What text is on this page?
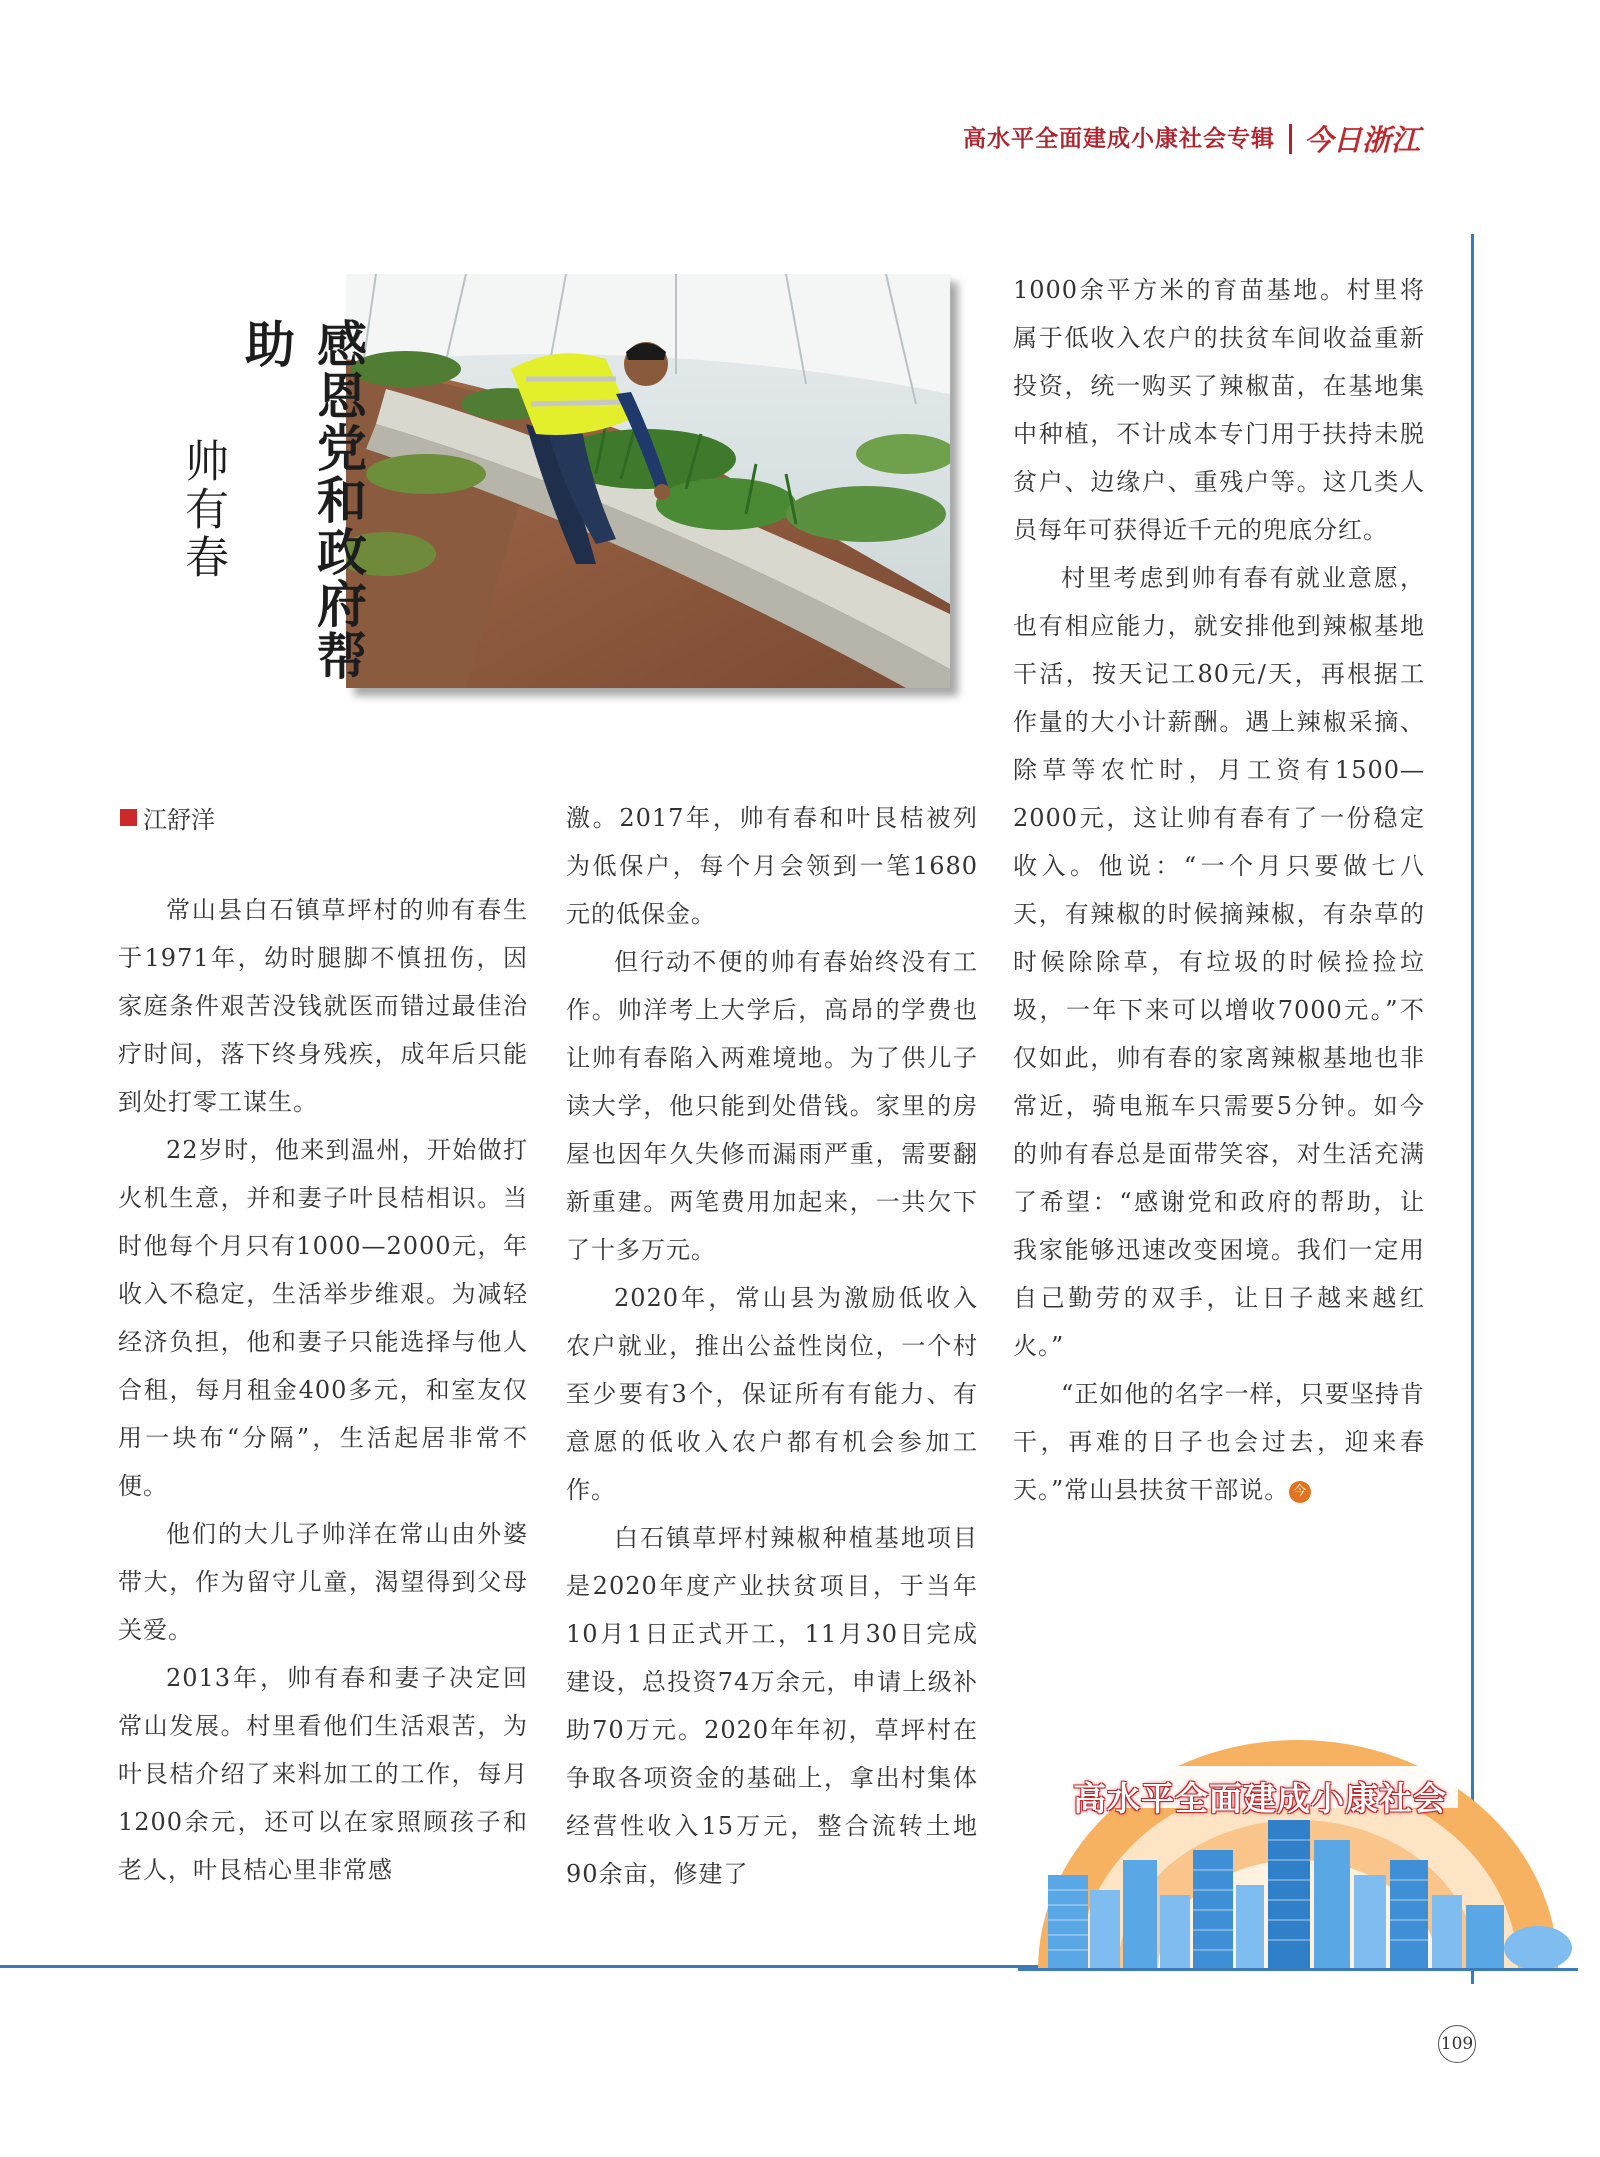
高水平全面建成小康社会专辑	今日浙江
感恩党和政府帮助
帅有春
江舒洋

常山县白石镇草坪村的帅有春生于1971年，幼时腿脚不慎扭伤，因家庭条件艰苦没钱就医而错过最佳治疗时间，落下终身残疾，成年后只能到处打零工谋生。

22岁时，他来到温州，开始做打火机生意，并和妻子叶艮桔相识。当时他每个月只有1000—2000元，年收入不稳定，生活举步维艰。为减轻经济负担，他和妻子只能选择与他人合租，每月租金400多元，和室友仅用一块布“分隔”，生活起居非常不便。

他们的大儿子帅洋在常山由外婆带大，作为留守儿童，渴望得到父母关爱。

2013年，帅有春和妻子决定回常山发展。村里看他们生活艰苦，为叶艮桔介绍了来料加工的工作，每月1200余元，还可以在家照顾孩子和老人，叶艮桔心里非常感

激。2017年，帅有春和叶艮桔被列为低保户，每个月会领到一笔1680元的低保金。

但行动不便的帅有春始终没有工作。帅洋考上大学后，高昂的学费也让帅有春陷入两难境地。为了供儿子读大学，他只能到处借钱。家里的房屋也因年久失修而漏雨严重，需要翻新重建。两笔费用加起来，一共欠下了十多万元。

2020年，常山县为激励低收入农户就业，推出公益性岗位，一个村至少要有3个，保证所有有能力、有意愿的低收入农户都有机会参加工作。

白石镇草坪村辣椒种植基地项目是2020年度产业扶贫项目，于当年10月1日正式开工，11月30日完成建设，总投资74万余元，申请上级补助70万元。2020年年初，草坪村在争取各项资金的基础上，拿出村集体经营性收入15万元，整合流转土地90余亩，修建了

1000余平方米的育苗基地。村里将属于低收入农户的扶贫车间收益重新投资，统一购买了辣椒苗，在基地集中种植，不计成本专门用于扶持未脱贫户、边缘户、重残户等。这几类人员每年可获得近千元的兜底分红。

村里考虑到帅有春有就业意愿，也有相应能力，就安排他到辣椒基地干活，按天记工80元/天，再根据工作量的大小计薪酬。遇上辣椒采摘、除草等农忙时，月工资有1500—2000元，这让帅有春有了一份稳定收入。他说：“一个月只要做七八天，有辣椒的时候摘辣椒，有杂草的时候除除草，有垃圾的时候捡捡垃圾，一年下来可以增收7000元。”不仅如此，帅有春的家离辣椒基地也非常近，骑电瓶车只需要5分钟。如今的帅有春总是面带笑容，对生活充满了希望：“感谢党和政府的帮助，让我家能够迅速改变困境。我们一定用自己勤劳的双手，让日子越来越红火。”

“正如他的名字一样，只要坚持肯干，再难的日子也会过去，迎来春天。”常山县扶贫干部说。 今

高水平全面建成小康社会
109
